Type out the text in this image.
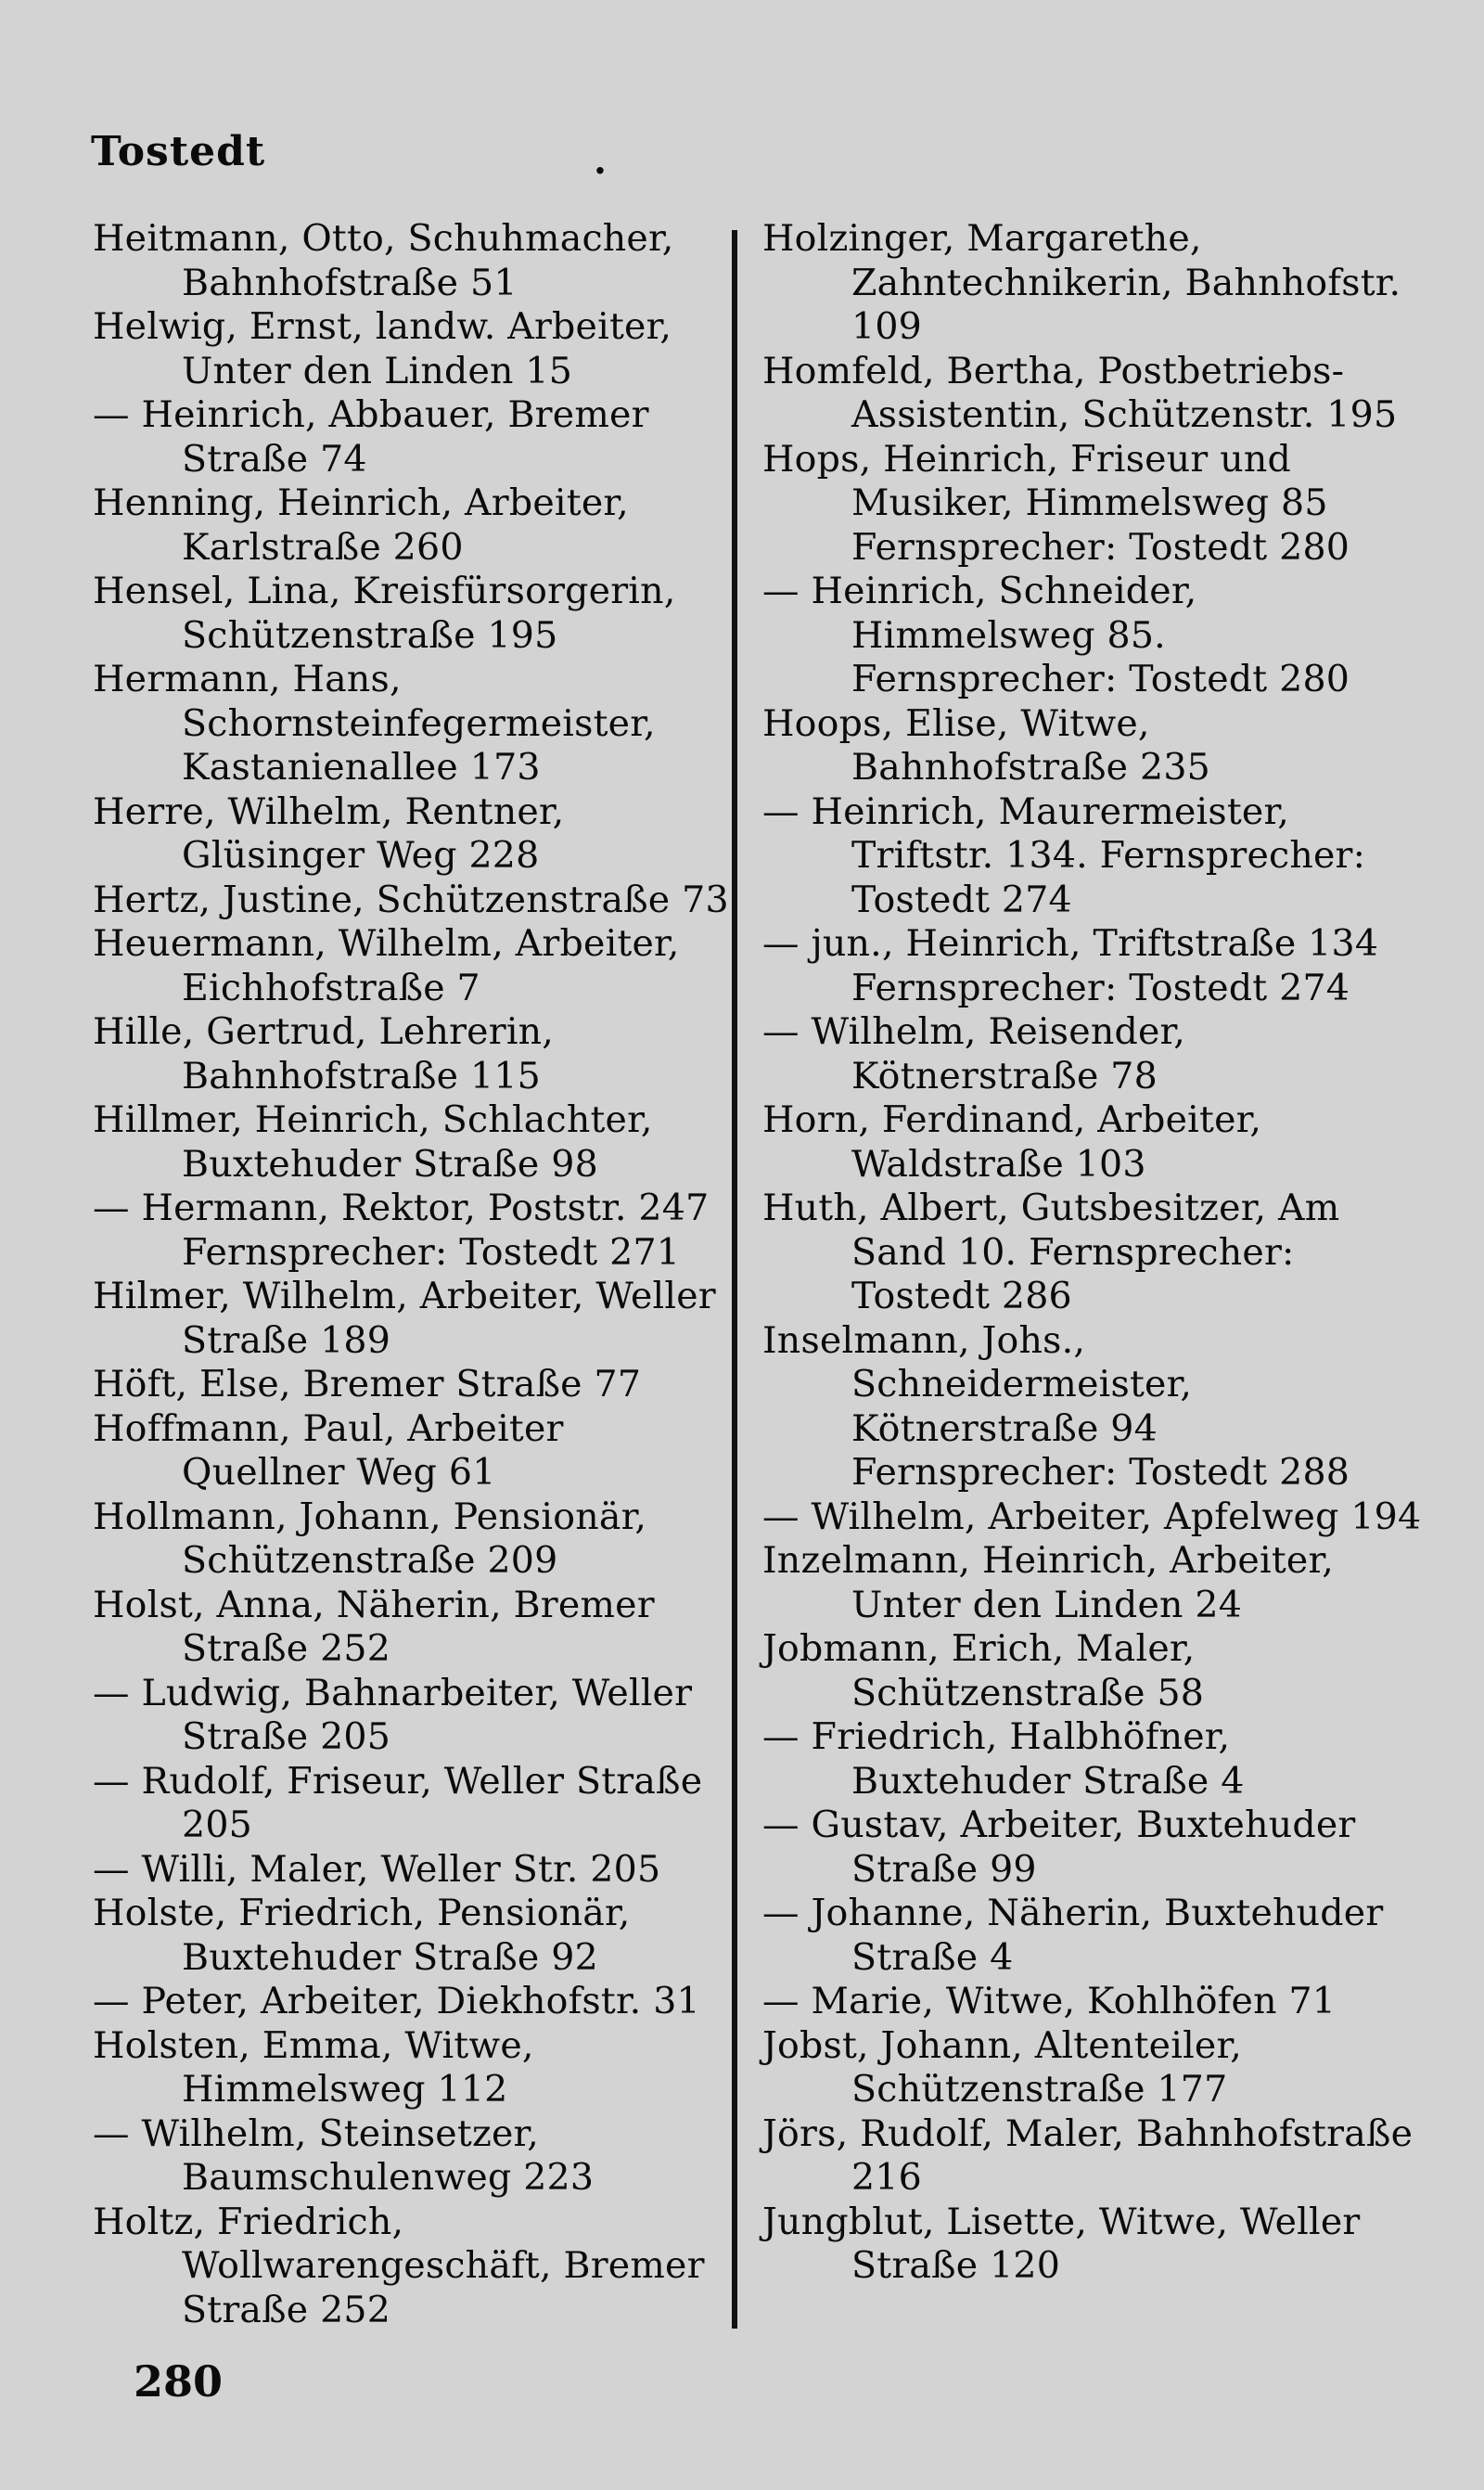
Tostedt	.

Heitmann, Otto, Schuhmacher, Bahnhofstraße 51

Helwig, Ernst, landw. Arbeiter, Unter den Linden 15

— Heinrich, Abbauer, Bremer Straße 74

Henning, Heinrich, Arbeiter, Karlstraße 260

Hensel, Lina, Kreisfürsorgerin, Schützenstraße 195

Hermann, Hans, Schornsteinfegermeister, Kastanienallee 173

Herre, Wilhelm, Rentner, Glüsinger Weg 228

Hertz, Justine, Schützenstraße 73

Heuermann, Wilhelm, Arbeiter, Eichhofstraße 7

Hille, Gertrud, Lehrerin, Bahnhofstraße 115

Hillmer, Heinrich, Schlachter, Buxtehuder Straße 98

— Hermann, Rektor, Poststr. 247 Fernsprecher: Tostedt 271

Hilmer, Wilhelm, Arbeiter, Weller Straße 189

Höft, Else, Bremer Straße 77

Hoffmann, Paul, Arbeiter Quellner Weg 61

Hollmann, Johann, Pensionär, Schützenstraße 209

Holst, Anna, Näherin, Bremer Straße 252

— Ludwig, Bahnarbeiter, Weller Straße 205

— Rudolf, Friseur, Weller Straße 205

— Willi, Maler, Weller Str. 205

Holste, Friedrich, Pensionär, Buxtehuder Straße 92

— Peter, Arbeiter, Diekhofstr. 31

Holsten, Emma, Witwe, Himmelsweg 112

— Wilhelm, Steinsetzer, Baumschulenweg 223

Holtz, Friedrich, Wollwarengeschäft, Bremer Straße 252

Holzinger, Margarethe, Zahntechnikerin, Bahnhofstr. 109

Homfeld, Bertha, Postbetriebs-Assistentin, Schützenstr. 195

Hops, Heinrich, Friseur und Musiker, Himmelsweg 85 Fernsprecher: Tostedt 280

— Heinrich, Schneider, Himmelsweg 85. Fernsprecher: Tostedt 280

Hoops, Elise, Witwe, Bahnhofstraße 235

— Heinrich, Maurermeister, Triftstr. 134. Fernsprecher: Tostedt 274

— jun., Heinrich, Triftstraße 134 Fernsprecher: Tostedt 274

— Wilhelm, Reisender, Kötnerstraße 78

Horn, Ferdinand, Arbeiter, Waldstraße 103

Huth, Albert, Gutsbesitzer, Am Sand 10. Fernsprecher: Tostedt 286

Inselmann, Johs., Schneidermeister, Kötnerstraße 94 Fernsprecher: Tostedt 288

— Wilhelm, Arbeiter, Apfelweg 194

Inzelmann, Heinrich, Arbeiter, Unter den Linden 24

Jobmann, Erich, Maler, Schützenstraße 58

— Friedrich, Halbhöfner, Buxtehuder Straße 4

— Gustav, Arbeiter, Buxtehuder Straße 99

— Johanne, Näherin, Buxtehuder Straße 4

— Marie, Witwe, Kohlhöfen 71

Jobst, Johann, Altenteiler, Schützenstraße 177

Jörs, Rudolf, Maler, Bahnhofstraße 216

Jungblut, Lisette, Witwe, Weller Straße 120

280
